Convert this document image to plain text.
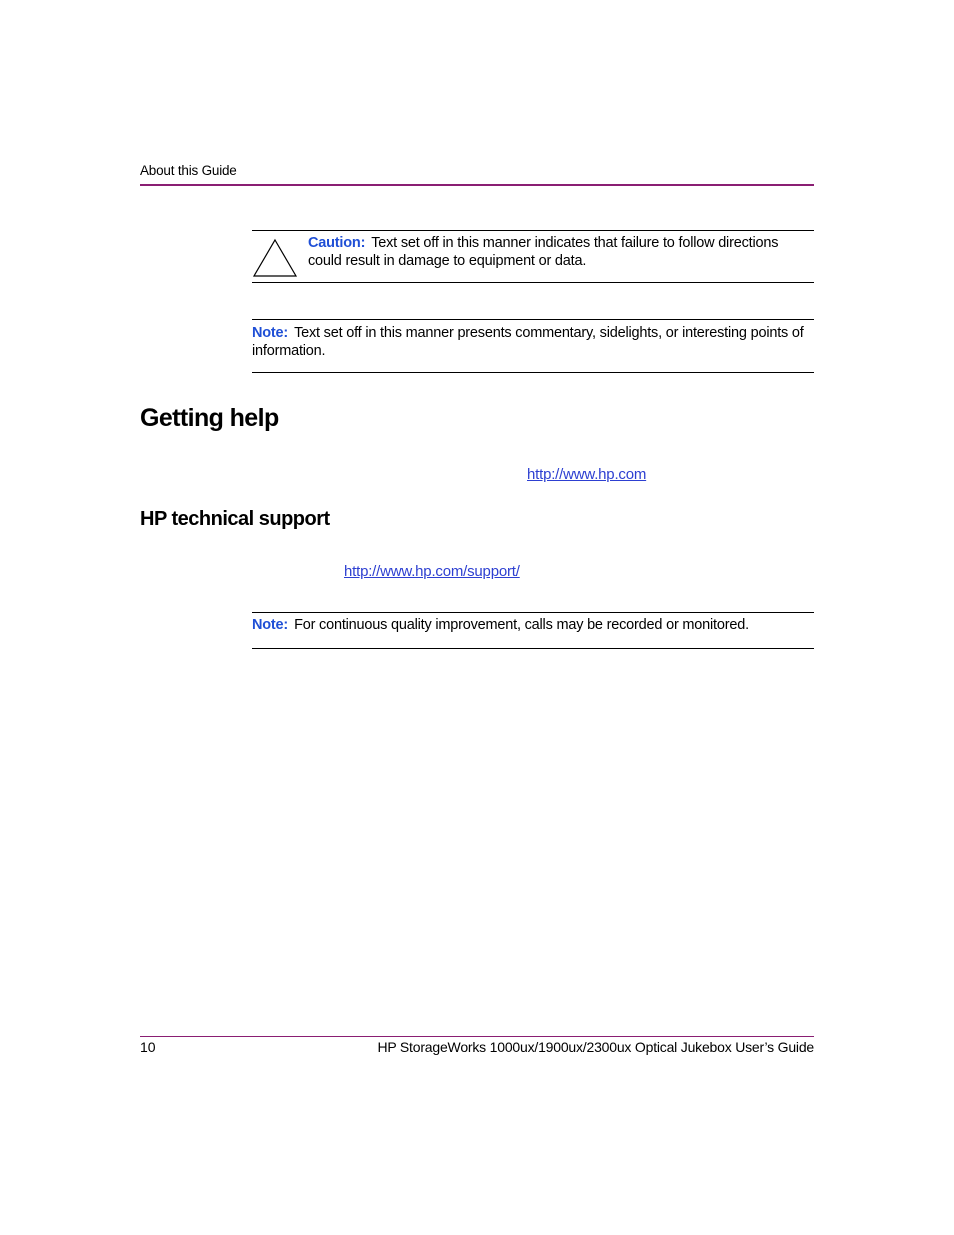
About this Guide
Caution: Text set off in this manner indicates that failure to follow directions could result in damage to equipment or data.
Note: Text set off in this manner presents commentary, sidelights, or interesting points of information.
Getting help
http://www.hp.com
HP technical support
http://www.hp.com/support/
Note: For continuous quality improvement, calls may be recorded or monitored.
10	HP StorageWorks 1000ux/1900ux/2300ux Optical Jukebox User’s Guide
